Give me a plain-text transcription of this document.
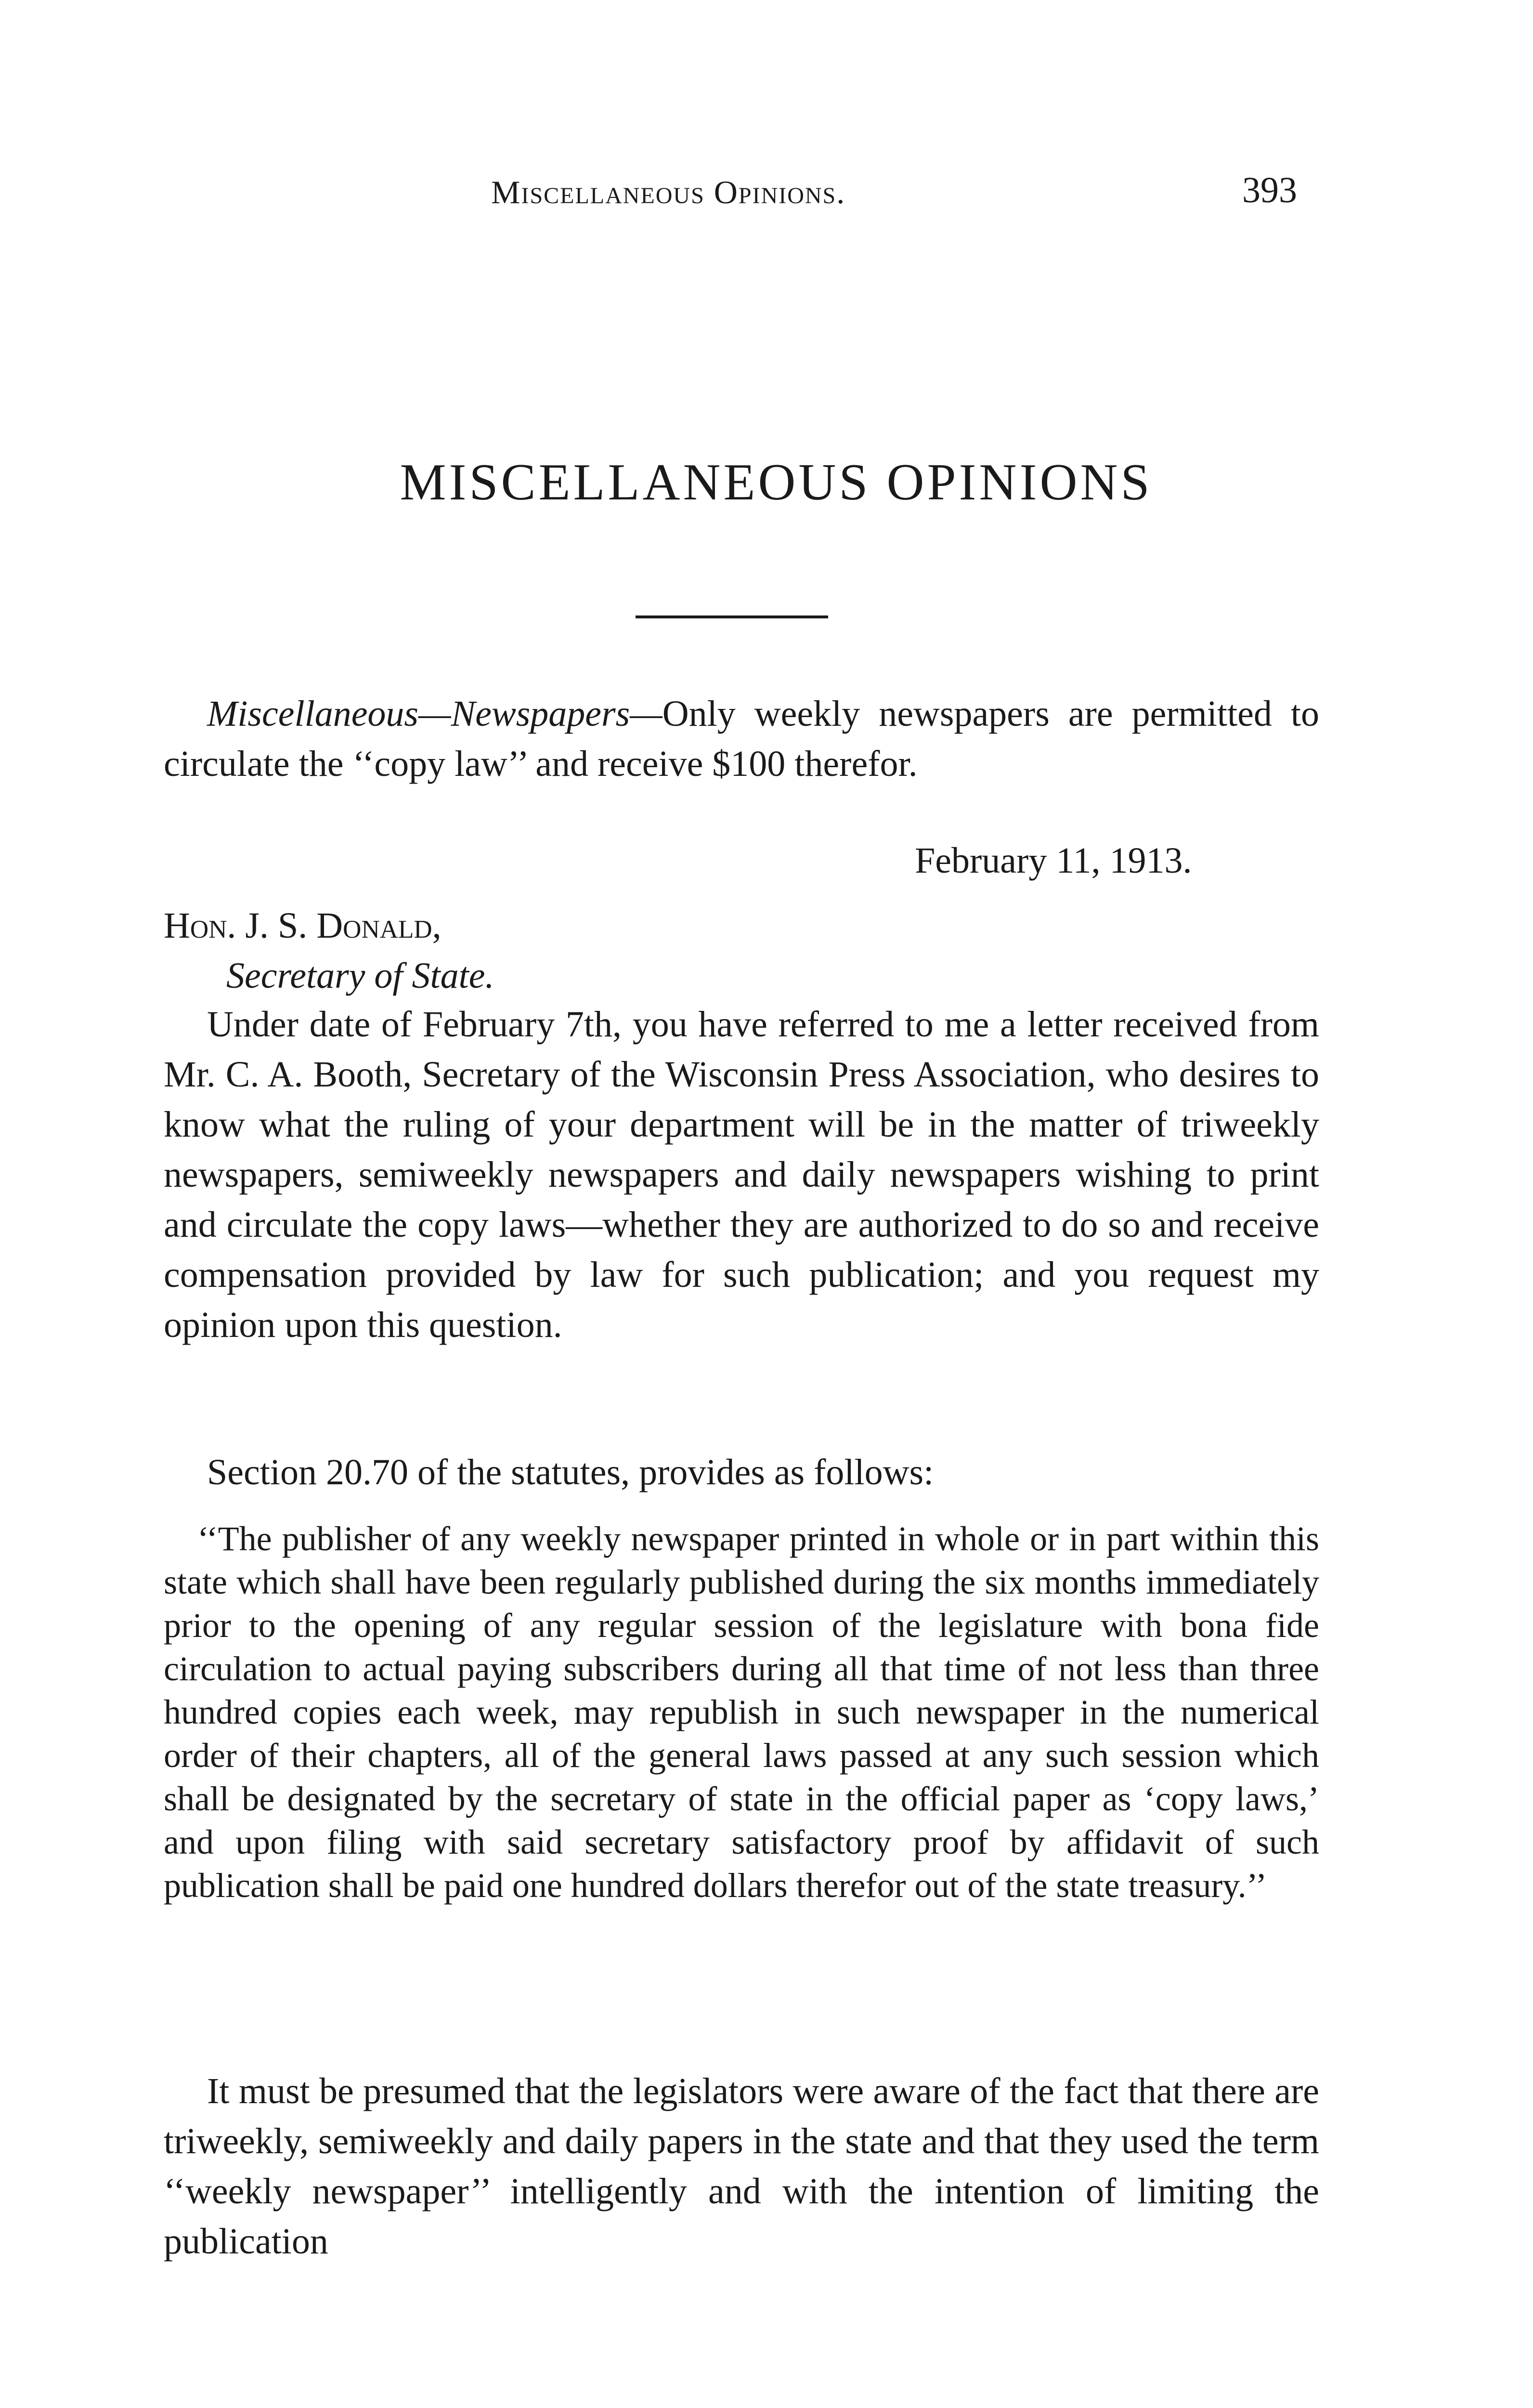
Miscellaneous Opinions.	393
MISCELLANEOUS OPINIONS
Miscellaneous—Newspapers—Only weekly newspapers are permitted to circulate the ‘‘copy law’’ and receive $100 therefor.
February 11, 1913.
Hon. J. S. Donald,
Secretary of State.
Under date of February 7th, you have referred to me a letter received from Mr. C. A. Booth, Secretary of the Wisconsin Press Association, who desires to know what the ruling of your department will be in the matter of triweekly newspapers, semiweekly newspapers and daily newspapers wishing to print and circulate the copy laws—whether they are authorized to do so and receive compensation provided by law for such publication; and you request my opinion upon this question.
Section 20.70 of the statutes, provides as follows:
‘‘The publisher of any weekly newspaper printed in whole or in part within this state which shall have been regularly published during the six months immediately prior to the opening of any regular session of the legislature with bona fide circulation to actual paying subscribers during all that time of not less than three hundred copies each week, may republish in such newspaper in the numerical order of their chapters, all of the general laws passed at any such session which shall be designated by the secretary of state in the official paper as ‘copy laws,’ and upon filing with said secretary satisfactory proof by affidavit of such publication shall be paid one hundred dollars therefor out of the state treasury.’’
It must be presumed that the legislators were aware of the fact that there are triweekly, semiweekly and daily papers in the state and that they used the term ‘‘weekly newspaper’’ intelligently and with the intention of limiting the publication
